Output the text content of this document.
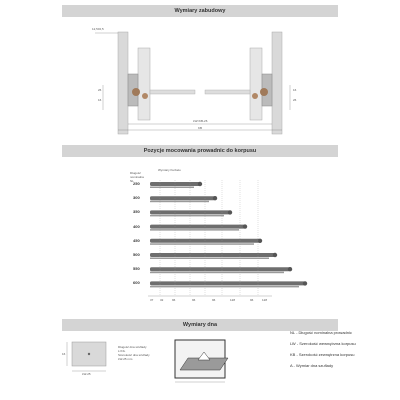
Wymiary zabudowy
12,5±0,5
26
16
16
26
LW=KB-26
KB
Pozycje mocowania prowadnic do korpusu
Długość
nominalna
NL
Wymiary Kurbelo
250
300
350
400
450
500
550
600
37 32	96	96	96	128	96	128
Wymiary dna
Długość dna szuflady
L=NL
Szerokość dna szuflady
LW-25 mm
LW-25
16
NL - Długość nominalna prowadnic
LW - Szerokość wewnętrzna korpusu
KB - Szerokość zewnętrzna korpusu
A - Wymiar dna szuflady
